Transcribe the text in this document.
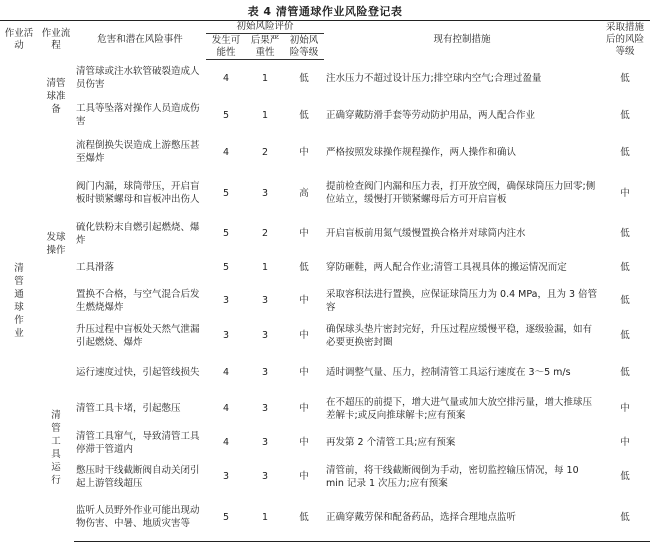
表 4 清管通球作业风险登记表
作业活动	作业流程	危害和潜在风险事件	初始风险评价			现有控制措施	采取措施后的风险等级
			发生可能性	后果严重性	初始风险等级		
清管通球作业	清管球准备	清管球或注水软管破裂造成人员伤害	4	1	低	注水压力不超过设计压力;排空球内空气;合理过盈量	低
		工具等坠落对操作人员造成伤害	5	1	低	正确穿戴防滑手套等劳动防护用品，两人配合作业	低
	发球操作	流程倒换失误造成上游憋压甚至爆炸	4	2	中	严格按照发球操作规程操作，两人操作和确认	低
		阀门内漏，球筒带压，开启盲板时锁紧螺母和盲板冲出伤人	5	3	高	提前检查阀门内漏和压力表，打开放空阀，确保球筒压力回零;侧位站立，缓慢打开锁紧螺母后方可开启盲板	中
		硫化铁粉末自燃引起燃烧、爆炸	5	2	中	开启盲板前用氮气缓慢置换合格并对球筒内注水	低
		工具滑落	5	1	低	穿防砸鞋，两人配合作业;清管工具视具体的搬运情况而定	低
		置换不合格，与空气混合后发生燃烧爆炸	3	3	中	采取容积法进行置换，应保证球筒压力为 0.4 MPa，且为 3 倍管容	低
		升压过程中盲板处天然气泄漏引起燃烧、爆炸	3	3	中	确保球头垫片密封完好，升压过程应缓慢平稳，逐级验漏，如有必要更换密封圈	低
	清管工具运行	运行速度过快，引起管线损失	4	3	中	适时调整气量、压力，控制清管工具运行速度在 3～5 m/s	低
		清管工具卡堵，引起憋压	4	3	中	在不超压的前提下，增大进气量或加大放空排污量，增大推球压差解卡;或反向推球解卡;应有预案	中
		清管工具窜气，导致清管工具停滞于管道内	4	3	中	再发第 2 个清管工具;应有预案	中
		憋压时干线截断阀自动关闭引起上游管线超压	3	3	中	清管前，将干线截断阀倒为手动，密切监控输压情况，每 10 min 记录 1 次压力;应有预案	低
		监听人员野外作业可能出现动物伤害、中暑、地质灾害等	5	1	低	正确穿戴劳保和配备药品，选择合理地点监听	低
